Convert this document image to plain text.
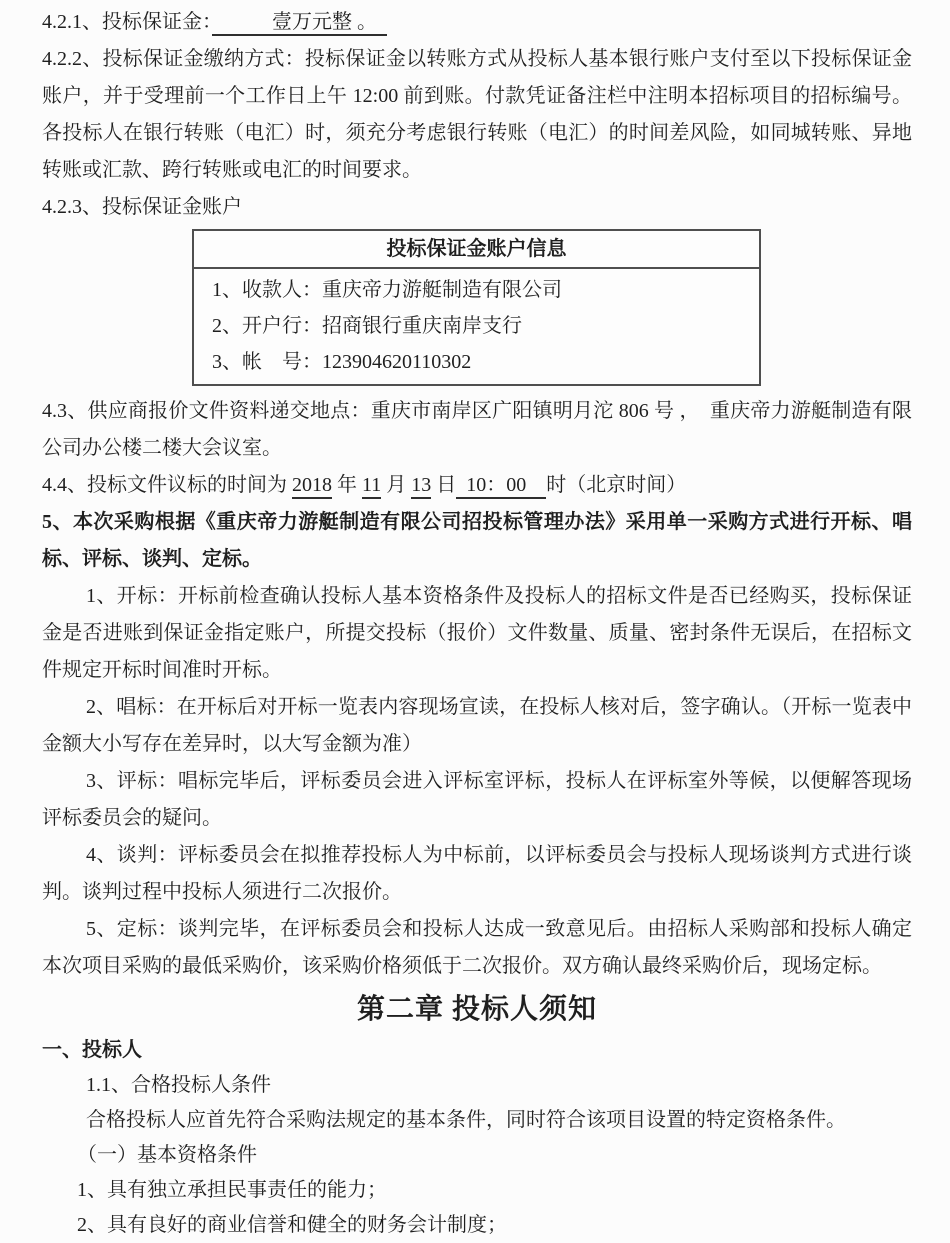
4.2.1、投标保证金：　　　壹万元整 。　

4.2.2、投标保证金缴纳方式：投标保证金以转账方式从投标人基本银行账户支付至以下投标保证金账户，并于受理前一个工作日上午 12:00 前到账。付款凭证备注栏中注明本招标项目的招标编号。各投标人在银行转账（电汇）时，须充分考虑银行转账（电汇）的时间差风险，如同城转账、异地转账或汇款、跨行转账或电汇的时间要求。

4.2.3、投标保证金账户

投标保证金账户信息
1、收款人：重庆帝力游艇制造有限公司
2、开户行：招商银行重庆南岸支行
3、帐　号：123904620110302

4.3、供应商报价文件资料递交地点：重庆市南岸区广阳镇明月沱 806 号 ，　重庆帝力游艇制造有限公司办公楼二楼大会议室。

4.4、投标文件议标的时间为 2018 年 11 月 13 日  10：00    时（北京时间）

5、本次采购根据《重庆帝力游艇制造有限公司招投标管理办法》采用单一采购方式进行开标、唱标、评标、谈判、定标。

1、开标：开标前检查确认投标人基本资格条件及投标人的招标文件是否已经购买，投标保证金是否进账到保证金指定账户，所提交投标（报价）文件数量、质量、密封条件无误后，在招标文件规定开标时间准时开标。

2、唱标：在开标后对开标一览表内容现场宣读，在投标人核对后，签字确认。（开标一览表中金额大小写存在差异时，以大写金额为准）

3、评标：唱标完毕后，评标委员会进入评标室评标，投标人在评标室外等候，以便解答现场评标委员会的疑问。

4、谈判：评标委员会在拟推荐投标人为中标前，以评标委员会与投标人现场谈判方式进行谈判。谈判过程中投标人须进行二次报价。

5、定标：谈判完毕，在评标委员会和投标人达成一致意见后。由招标人采购部和投标人确定本次项目采购的最低采购价，该采购价格须低于二次报价。双方确认最终采购价后，现场定标。

第二章 投标人须知

一、投标人

1.1、合格投标人条件

合格投标人应首先符合采购法规定的基本条件，同时符合该项目设置的特定资格条件。

（一）基本资格条件

1、具有独立承担民事责任的能力；

2、具有良好的商业信誉和健全的财务会计制度；
